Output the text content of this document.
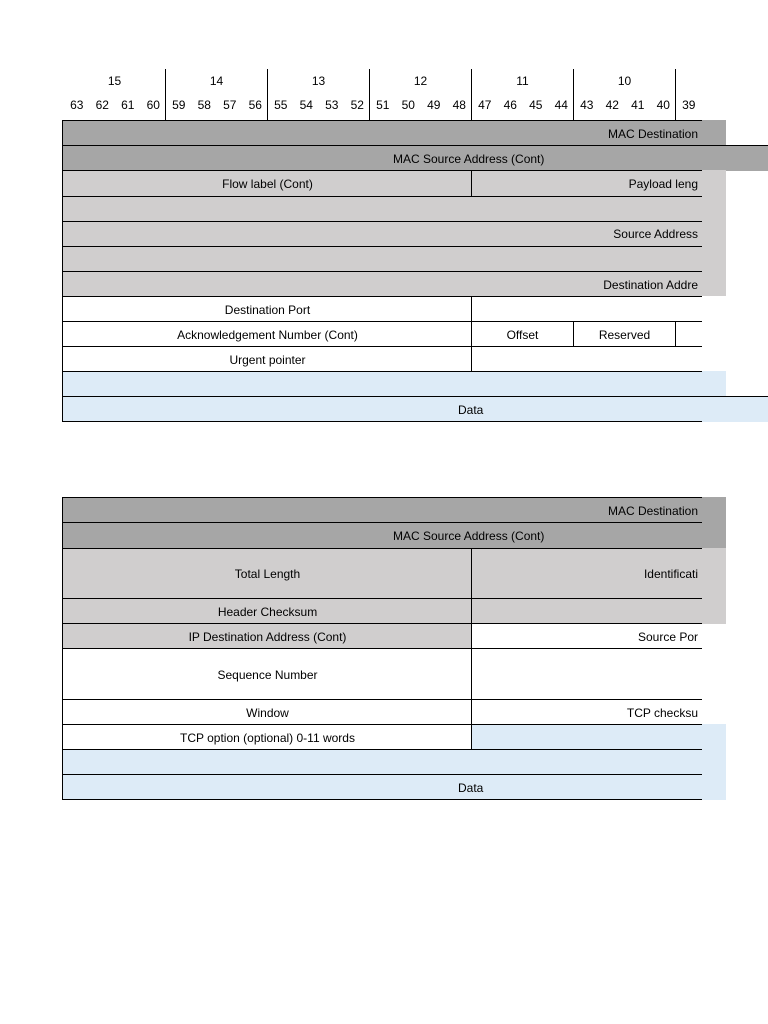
15	14	13	12	11	10
63	62	61	60	59	58	57	56	55	54	53	52	51	50	49	48	47	46	45	44	43	42	41	40	39
MAC Destination
MAC Source Address (Cont)
Flow label (Cont)	Payload leng
Source Address
Destination Addre
Destination Port
Acknowledgement Number (Cont)	Offset	Reserved
Urgent pointer
Data
MAC Destination
MAC Source Address (Cont)
Total Length	Identificati
Header Checksum
IP Destination Address (Cont)	Source Por
Sequence Number
Window	TCP checksu
TCP option (optional) 0-11 words
Data
